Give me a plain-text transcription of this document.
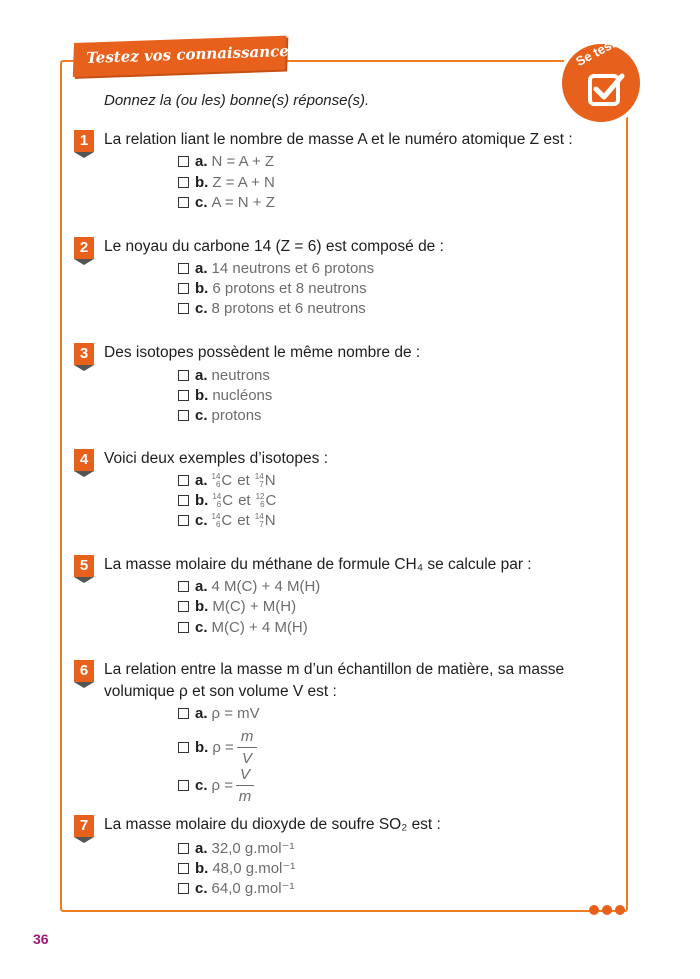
Testez vos connaissances	Se tester
Donnez la (ou les) bonne(s) réponse(s).
1	La relation liant le nombre de masse A et le numéro atomique Z est :
a. N = A + Z
b. Z = A + N
c. A = N + Z
2	Le noyau du carbone 14 (Z = 6) est composé de :
a. 14 neutrons et 6 protons
b. 6 protons et 8 neutrons
c. 8 protons et 6 neutrons
3	Des isotopes possèdent le même nombre de :
a. neutrons
b. nucléons
c. protons
4	Voici deux exemples d’isotopes :
a. 14
6 C et 14
7 N
b. 14
6 C et 12
6 C
c. 14
6 C et 14
7 N
5	La masse molaire du méthane de formule CH₄ se calcule par :
a. 4 M(C) + 4 M(H)
b. M(C) + M(H)
c. M(C) + 4 M(H)
6	La relation entre la masse m d’un échantillon de matière, sa masse
volumique ρ et son volume V est :
a. ρ = mV
b. $\rho = \frac{m}{V}$
c. $\rho = \frac{V}{m}$
7	La masse molaire du dioxyde de soufre SO₂ est :
a. 32,0 g.mol⁻¹
b. 48,0 g.mol⁻¹
c. 64,0 g.mol⁻¹
36
